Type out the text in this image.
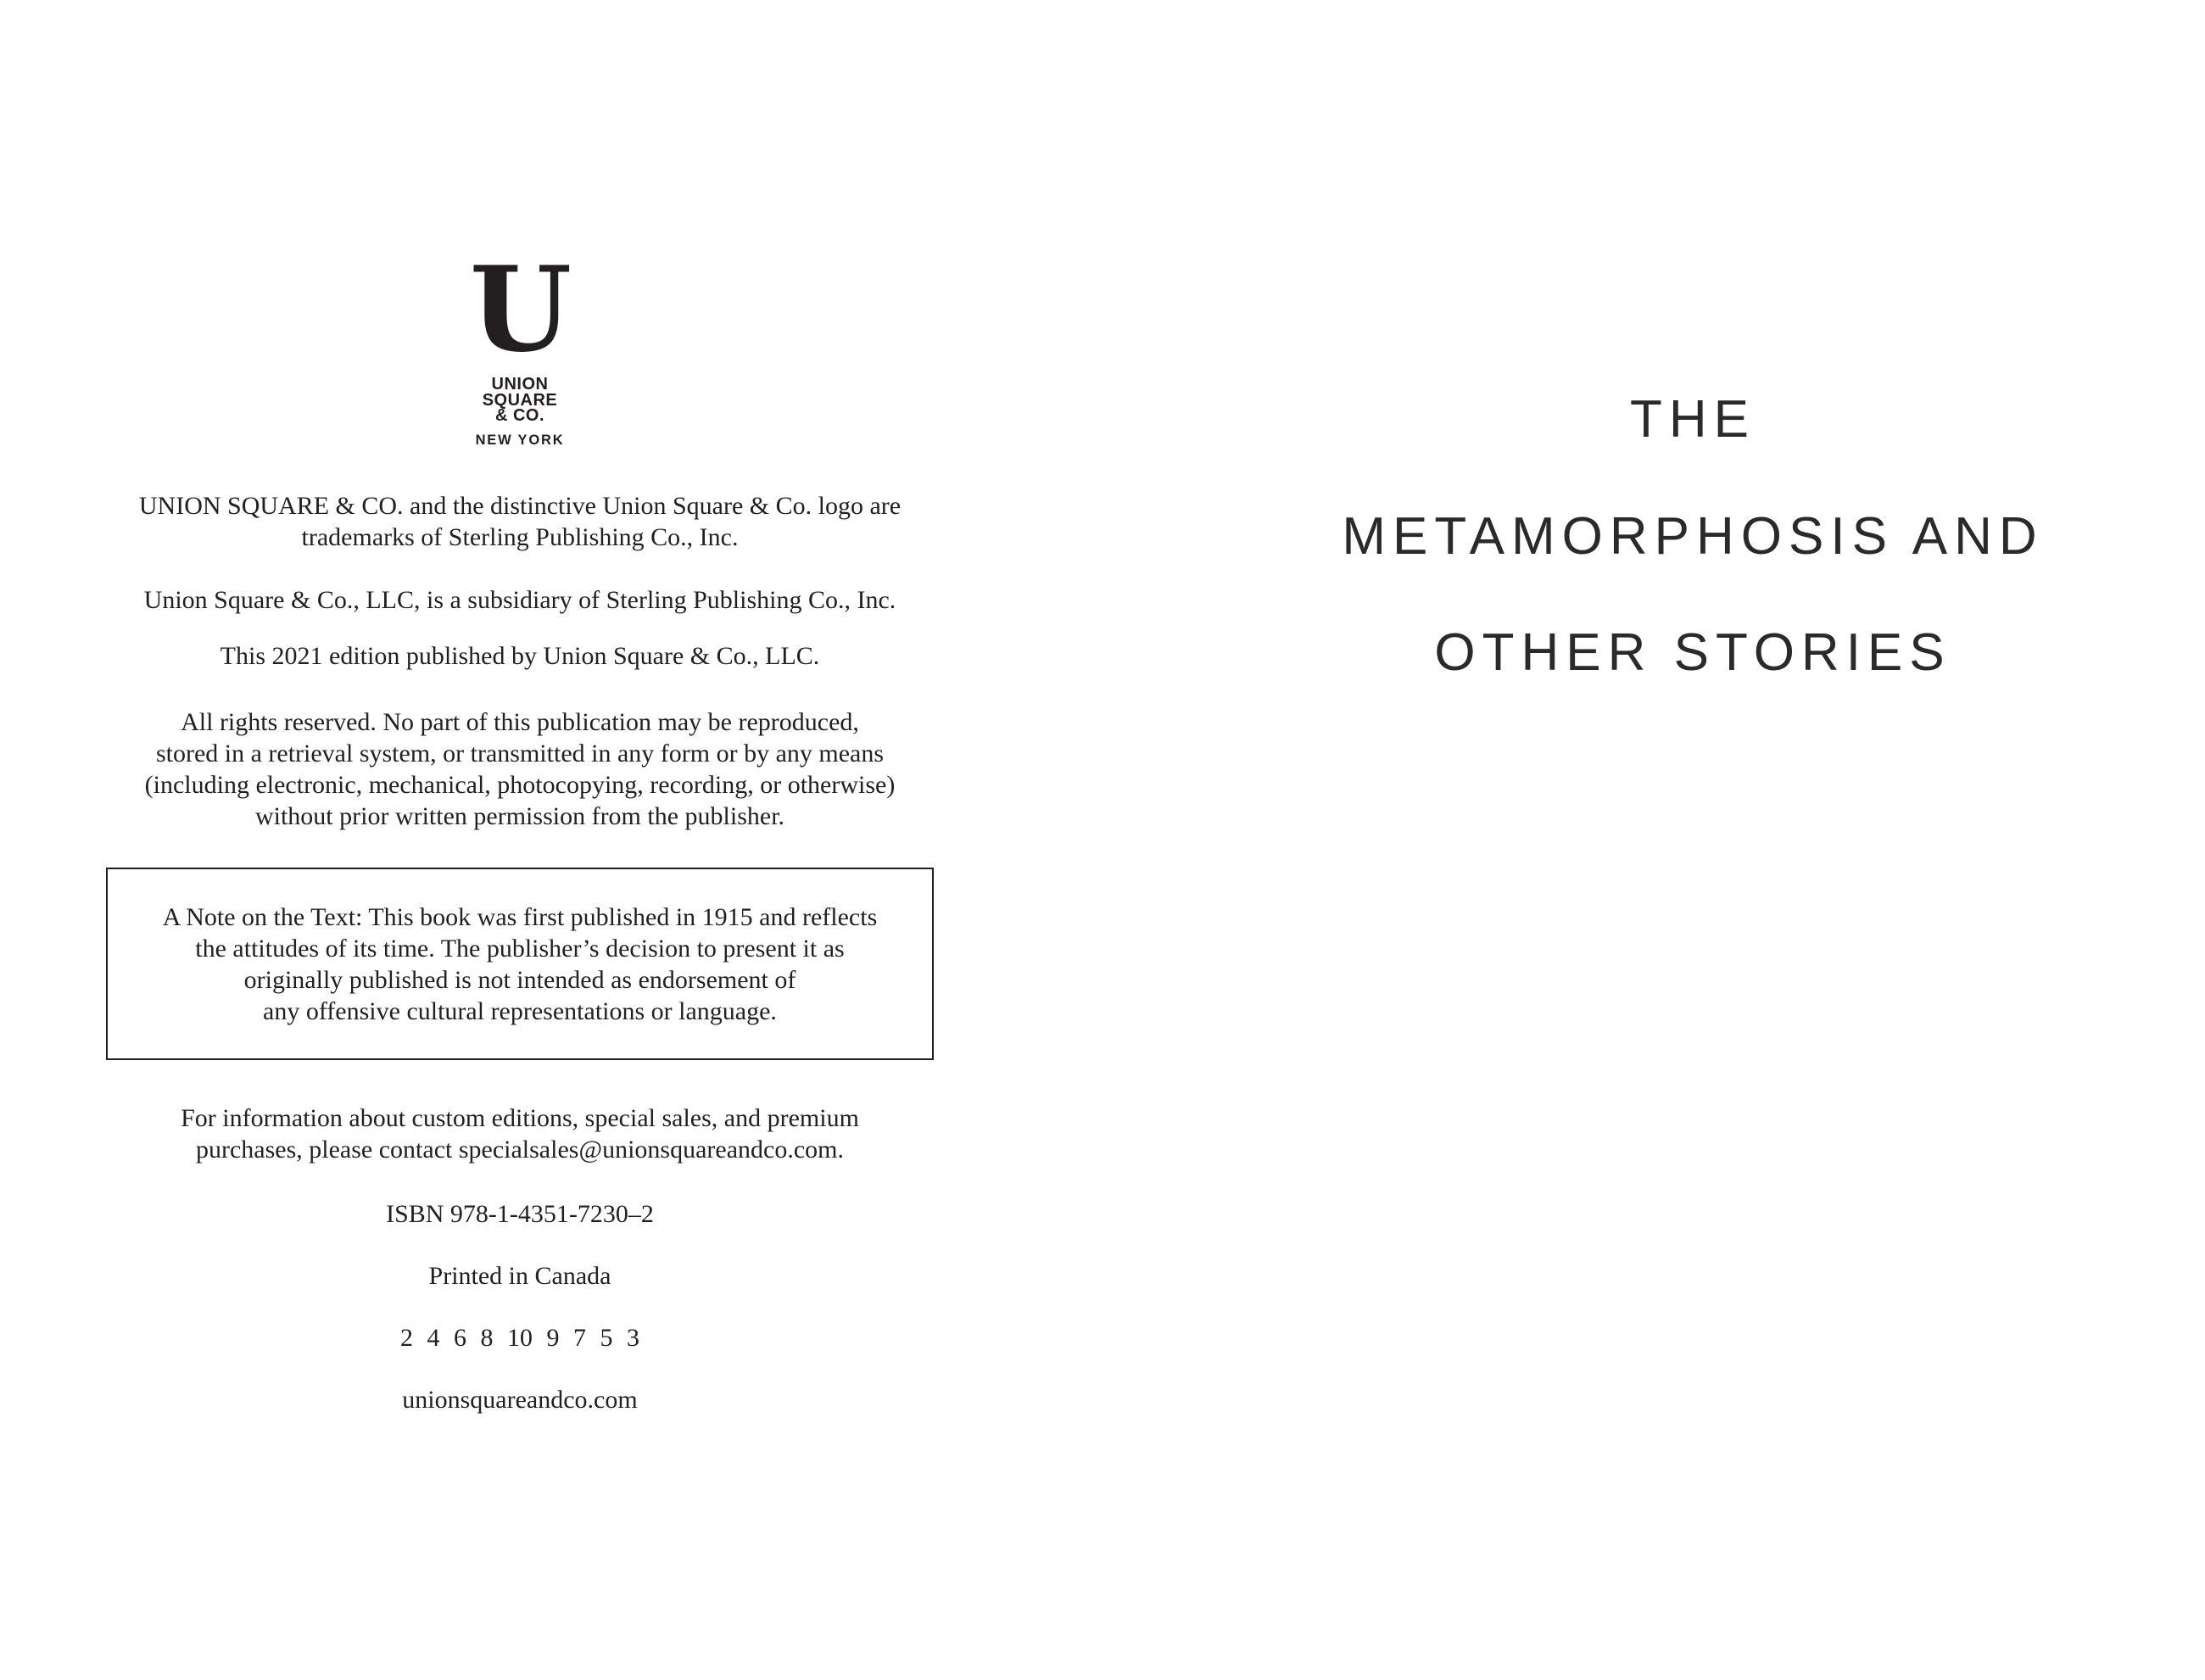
U
UNION
SQUARE
& CO.
NEW YORK
UNION SQUARE & CO. and the distinctive Union Square & Co. logo are
trademarks of Sterling Publishing Co., Inc.
Union Square & Co., LLC, is a subsidiary of Sterling Publishing Co., Inc.
This 2021 edition published by Union Square & Co., LLC.
All rights reserved. No part of this publication may be reproduced,
stored in a retrieval system, or transmitted in any form or by any means
(including electronic, mechanical, photocopying, recording, or otherwise)
without prior written permission from the publisher.
A Note on the Text: This book was first published in 1915 and reflects
the attitudes of its time. The publisher’s decision to present it as
originally published is not intended as endorsement of
any offensive cultural representations or language.
For information about custom editions, special sales, and premium
purchases, please contact specialsales@unionsquareandco.com.
ISBN 978-1-4351-7230–2
Printed in Canada
2 4 6 8 10 9 7 5 3
unionsquareandco.com
THE
METAMORPHOSIS AND
OTHER STORIES
